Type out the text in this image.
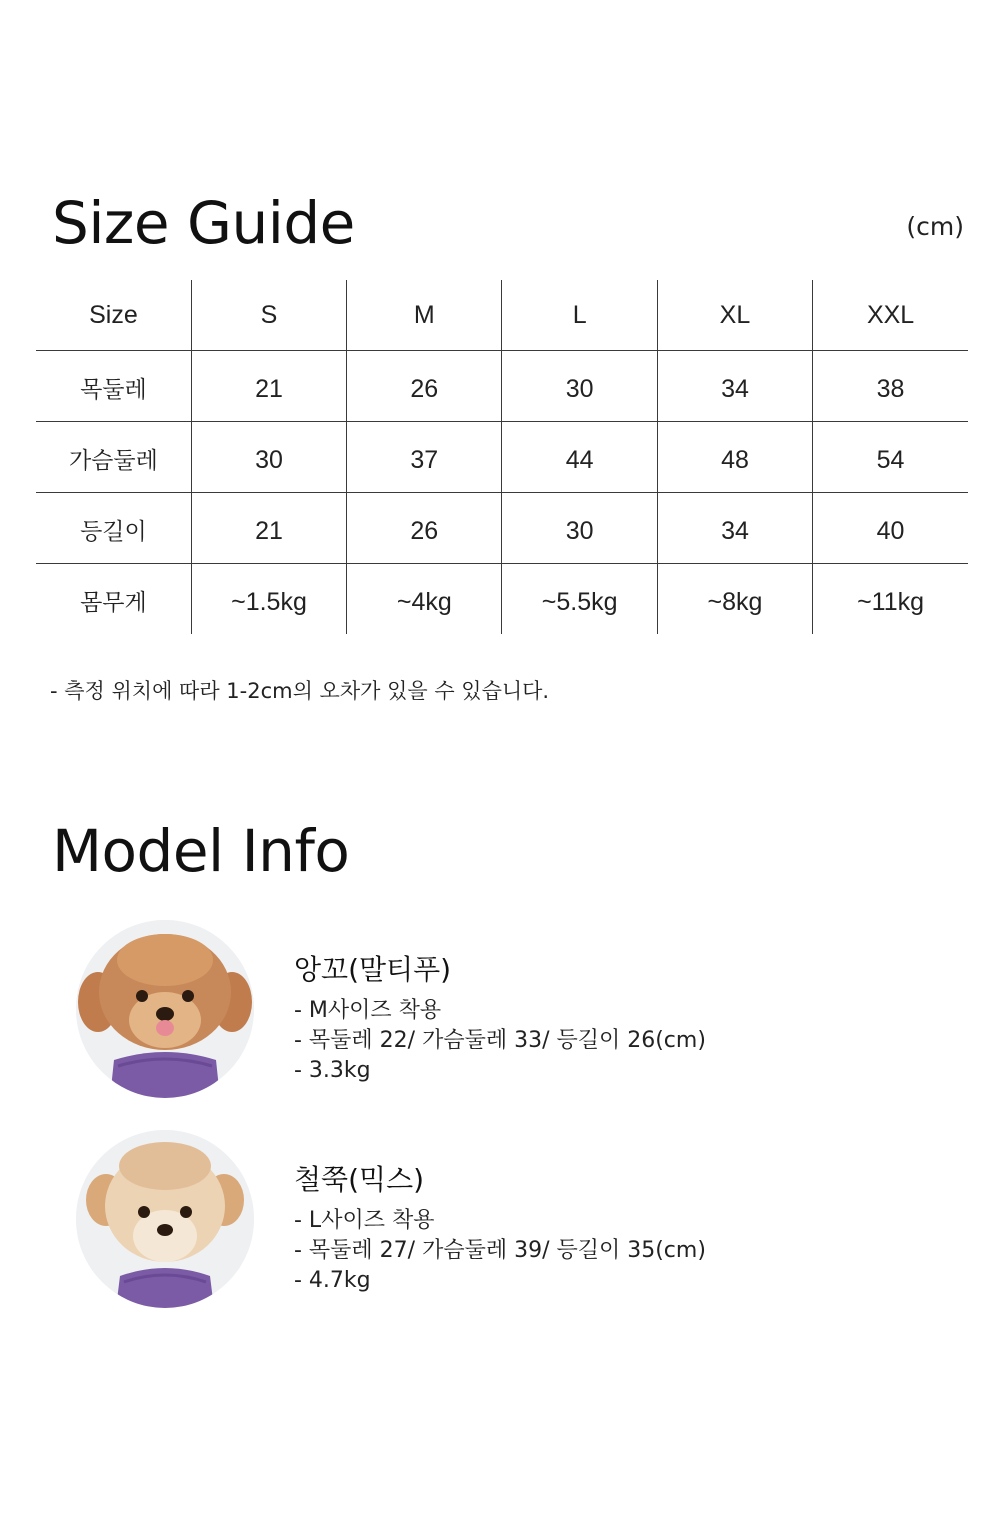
Size Guide	(cm)
Size	S	M	L	XL	XXL
목둘레	21	26	30	34	38
가슴둘레	30	37	44	48	54
등길이	21	26	30	34	40
몸무게	~1.5kg	~4kg	~5.5kg	~8kg	~11kg
- 측정 위치에 따라 1-2cm의 오차가 있을 수 있습니다.
Model Info
앙꼬(말티푸)
- M사이즈 착용
- 목둘레 22/ 가슴둘레 33/ 등길이 26(cm)
- 3.3kg
철쭉(믹스)
- L사이즈 착용
- 목둘레 27/ 가슴둘레 39/ 등길이 35(cm)
- 4.7kg
